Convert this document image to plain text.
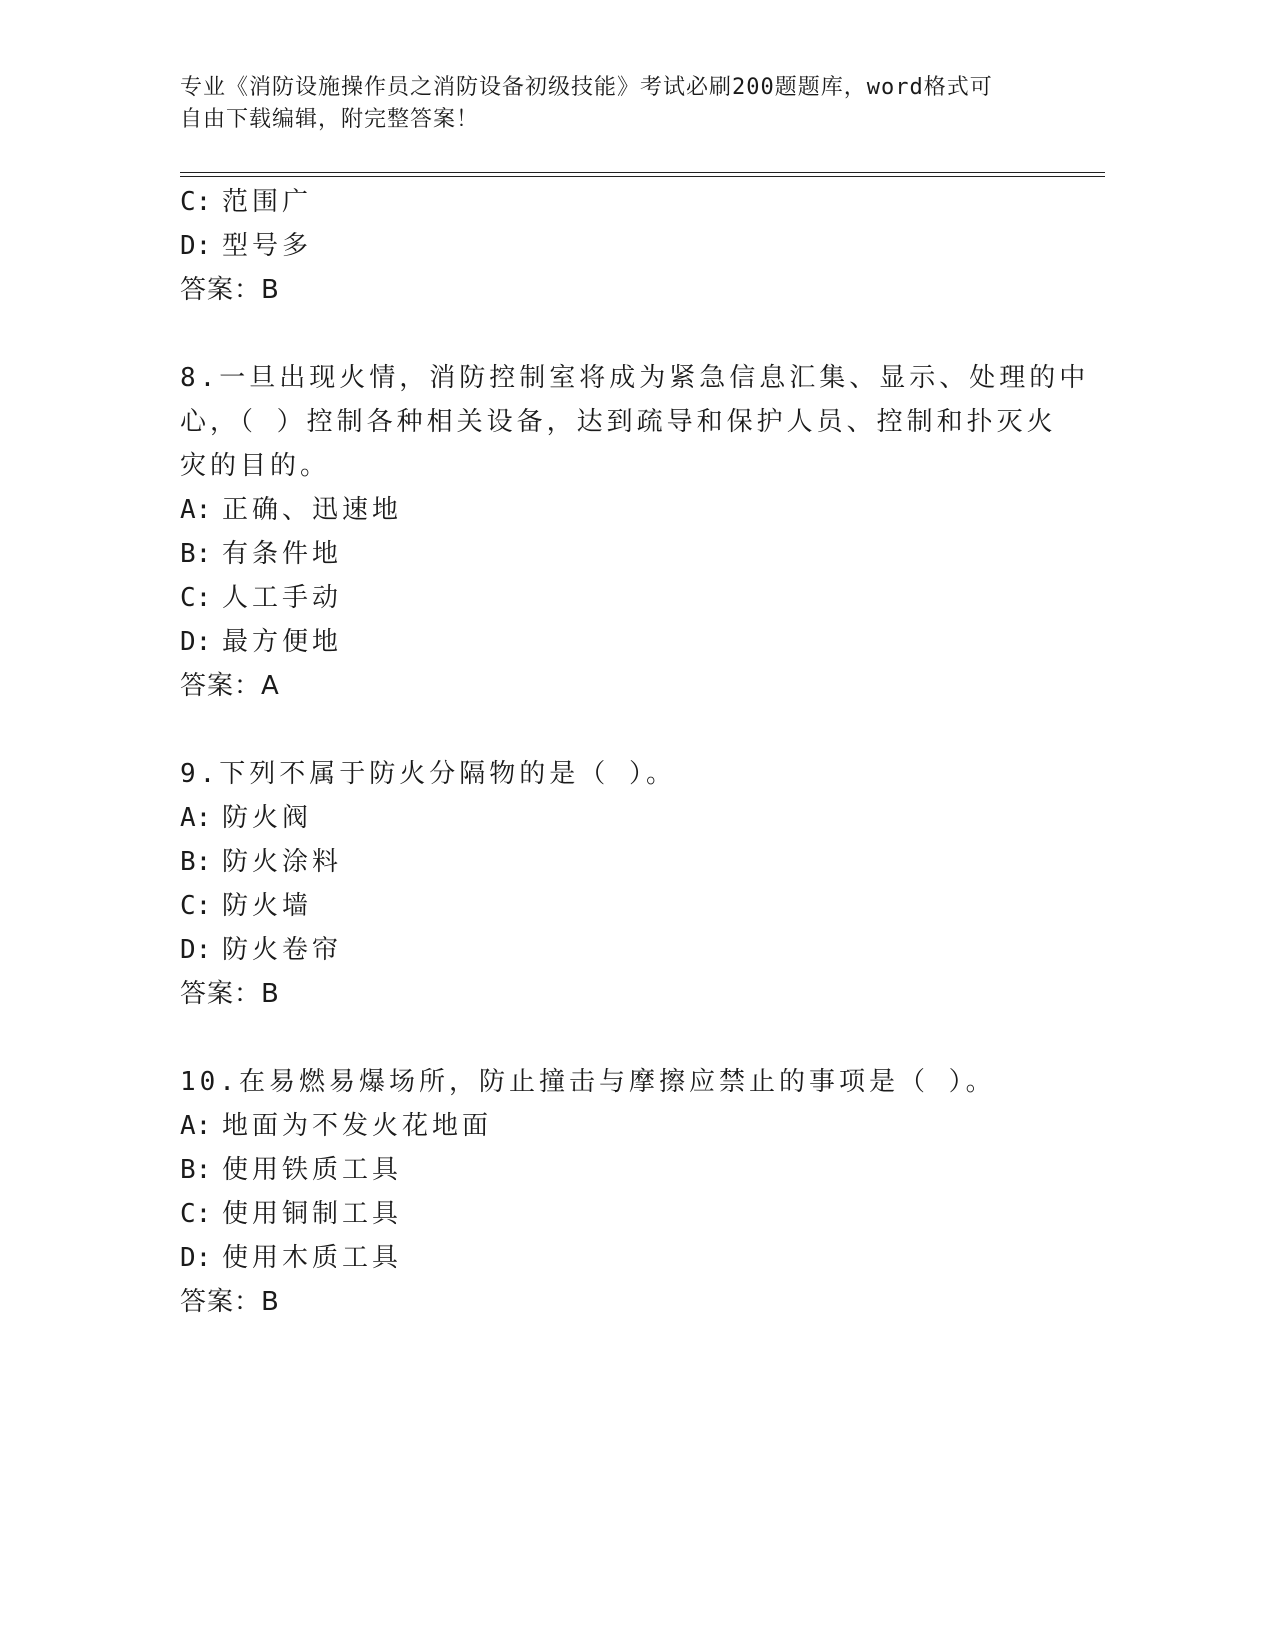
专业《消防设施操作员之消防设备初级技能》考试必刷200题题库，word格式可
自由下载编辑，附完整答案！
C: 范围广
D: 型号多
答案：B
8.一旦出现火情，消防控制室将成为紧急信息汇集、显示、处理的中
心，（ ）控制各种相关设备，达到疏导和保护人员、控制和扑灭火
灾的目的。
A: 正确、迅速地
B: 有条件地
C: 人工手动
D: 最方便地
答案：A
9.下列不属于防火分隔物的是（ ）。
A: 防火阀
B: 防火涂料
C: 防火墙
D: 防火卷帘
答案：B
10.在易燃易爆场所，防止撞击与摩擦应禁止的事项是（ ）。
A: 地面为不发火花地面
B: 使用铁质工具
C: 使用铜制工具
D: 使用木质工具
答案：B
